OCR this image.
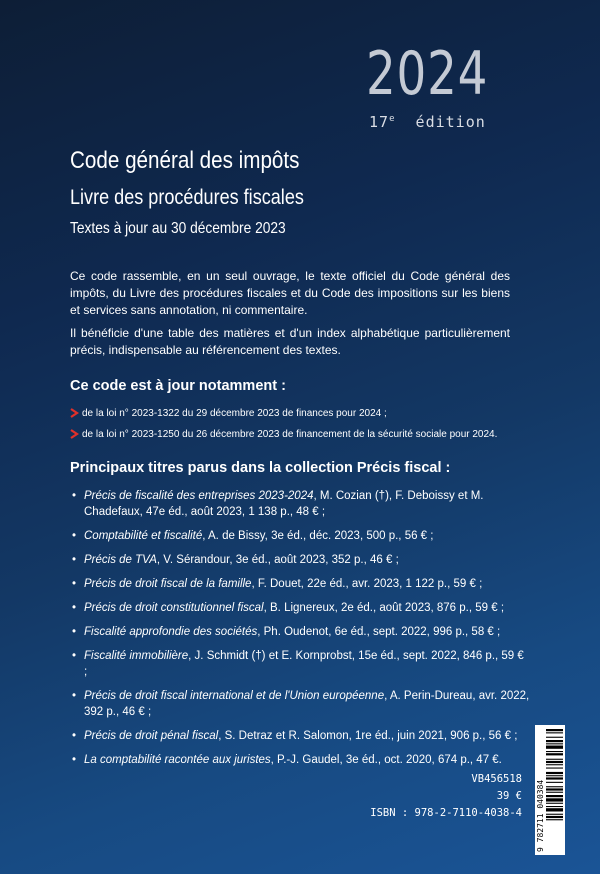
2024
17e édition
Code général des impôts
Livre des procédures fiscales
Textes à jour au 30 décembre 2023
Ce code rassemble, en un seul ouvrage, le texte officiel du Code général des impôts, du Livre des procédures fiscales et du Code des impositions sur les biens et services sans annotation, ni commentaire.
Il bénéficie d'une table des matières et d'un index alphabétique particulièrement précis, indispensable au référencement des textes.
Ce code est à jour notamment :
de la loi n° 2023-1322 du 29 décembre 2023 de finances pour 2024 ;
de la loi n° 2023-1250 du 26 décembre 2023 de financement de la sécurité sociale pour 2024.
Principaux titres parus dans la collection Précis fiscal :
• Précis de fiscalité des entreprises 2023-2024, M. Cozian (†), F. Deboissy et M. Chadefaux, 47e éd., août 2023, 1 138 p., 48 € ;
• Comptabilité et fiscalité, A. de Bissy, 3e éd., déc. 2023, 500 p., 56 € ;
• Précis de TVA, V. Sérandour, 3e éd., août 2023, 352 p., 46 € ;
• Précis de droit fiscal de la famille, F. Douet, 22e éd., avr. 2023, 1 122 p., 59 € ;
• Précis de droit constitutionnel fiscal, B. Lignereux, 2e éd., août 2023, 876 p., 59 € ;
• Fiscalité approfondie des sociétés, Ph. Oudenot, 6e éd., sept. 2022, 996 p., 58 € ;
• Fiscalité immobilière, J. Schmidt (†) et E. Kornprobst, 15e éd., sept. 2022, 846 p., 59 € ;
• Précis de droit fiscal international et de l'Union européenne, A. Perin-Dureau, avr. 2022, 392 p., 46 € ;
• Précis de droit pénal fiscal, S. Detraz et R. Salomon, 1re éd., juin 2021, 906 p., 56 € ;
• La comptabilité racontée aux juristes, P.-J. Gaudel, 3e éd., oct. 2020, 674 p., 47 €.
VB456518
39 €
ISBN : 978-2-7110-4038-4 9 782711 040384
